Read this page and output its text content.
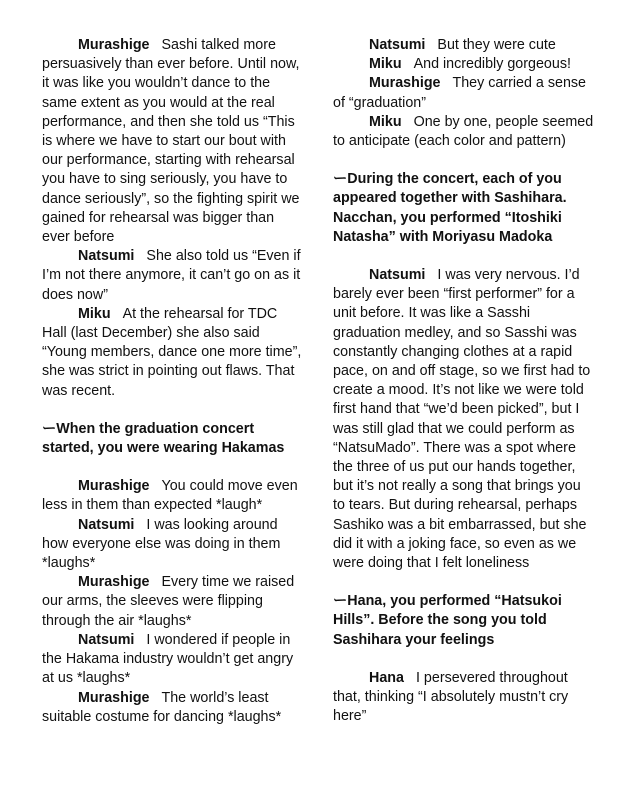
Murashige Sashi talked more persuasively than ever before. Until now, it was like you wouldn’t dance to the same extent as you would at the real performance, and then she told us “This is where we have to start our bout with our performance, starting with rehearsal you have to sing seriously, you have to dance seriously”, so the fighting spirit we gained for rehearsal was bigger than ever before

Natsumi She also told us “Even if I’m not there anymore, it can’t go on as it does now”

Miku At the rehearsal for TDC Hall (last December) she also said “Young members, dance one more time”, she was strict in pointing out flaws. That was recent.

ーWhen the graduation concert started, you were wearing Hakamas

Murashige You could move even less in them than expected *laugh*

Natsumi I was looking around how everyone else was doing in them *laughs*

Murashige Every time we raised our arms, the sleeves were flipping through the air *laughs*

Natsumi I wondered if people in the Hakama industry wouldn’t get angry at us *laughs*

Murashige The world’s least suitable costume for dancing *laughs*

Natsumi But they were cute

Miku And incredibly gorgeous!

Murashige They carried a sense of “graduation”

Miku One by one, people seemed to anticipate (each color and pattern)

ーDuring the concert, each of you appeared together with Sashihara. Nacchan, you performed “Itoshiki Natasha” with Moriyasu Madoka

Natsumi I was very nervous. I’d barely ever been “first performer” for a unit before. It was like a Sasshi graduation medley, and so Sasshi was constantly changing clothes at a rapid pace, on and off stage, so we first had to create a mood. It’s not like we were told first hand that “we’d been picked”, but I was still glad that we could perform as “NatsuMado”. There was a spot where the three of us put our hands together, but it’s not really a song that brings you to tears. But during rehearsal, perhaps Sashiko was a bit embarrassed, but she did it with a joking face, so even as we were doing that I felt loneliness

ーHana, you performed “Hatsukoi Hills”. Before the song you told Sashihara your feelings

Hana I persevered throughout that, thinking “I absolutely mustn’t cry here”
